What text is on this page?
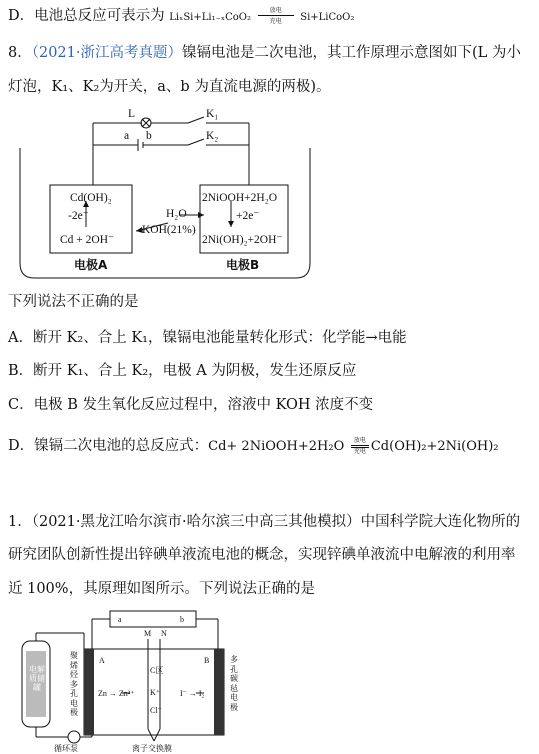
D．电池总反应可表示为 LiₓSi+Li₁₋ₓCoO₂
放电
充电	Si+LiCoO₂
8．（2021·浙江高考真题）镍镉电池是二次电池，其工作原理示意图如下(L 为小
灯泡，K₁、K₂为开关，a、b 为直流电源的两极)。
L	K₁
K₂
a b
Cd(OH)₂
-2e⁻
Cd + 2OH⁻
KOH(21%)
H₂O
2NiOOH+2H₂O
+2e⁻
2Ni(OH)₂+2OH⁻
电极A	电极B
下列说法不正确的是
A．断开 K₂、合上 K₁，镍镉电池能量转化形式：化学能→电能
B．断开 K₁、合上 K₂，电极 A 为阴极，发生还原反应
C．电极 B 发生氧化反应过程中，溶液中 KOH 浓度不变
D．镍镉二次电池的总反应式：Cd+ 2NiOOH+2H₂O	放电
充电 Cd(OH)₂+2Ni(OH)₂
1．（2021·黑龙江哈尔滨市·哈尔滨三中高三其他模拟）中国科学院大连化物所的
研究团队创新性提出锌碘单液流电池的概念，实现锌碘单液流中电解液的利用率
近 100%，其原理如图所示。下列说法正确的是
a	b
M N
A	B
Zn → Zn²⁺
C区
K⁺
Cl⁻
I⁻ → I₂
循环泵	离子交换膜
电解质储罐
聚烯烃多孔电极
多孔碳毡电极
